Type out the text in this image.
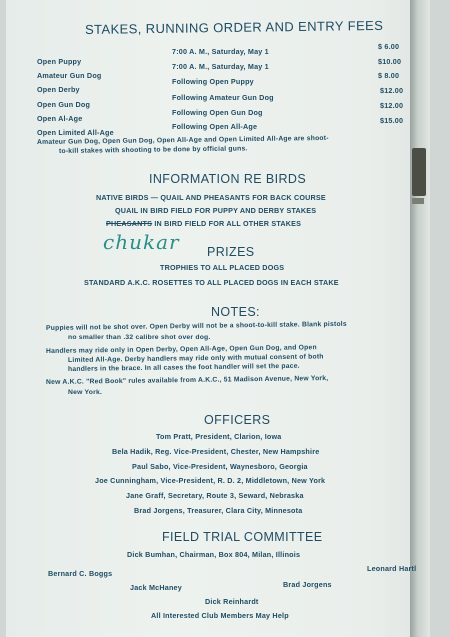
STAKES, RUNNING ORDER AND ENTRY FEES
Open Puppy
7:00 A. M., Saturday, May 1
$ 6.00
Amateur Gun Dog
7:00 A. M., Saturday, May 1
$10.00
Open Derby
Following Open Puppy
$ 8.00
Open Gun Dog
Following Amateur Gun Dog
$12.00
Open Al-Age
Following Open Gun Dog
$12.00
Open Limited All-Age
Following Open All-Age
$15.00
Amateur Gun Dog, Open Gun Dog, Open All-Age and Open Limited All-Age are shoot-
to-kill stakes with shooting to be done by official guns.
INFORMATION RE BIRDS
NATIVE BIRDS — QUAIL AND PHEASANTS FOR BACK COURSE
QUAIL IN BIRD FIELD FOR PUPPY AND DERBY STAKES
PHEASANTS IN BIRD FIELD FOR ALL OTHER STAKES
chukar PRIZES
TROPHIES TO ALL PLACED DOGS
STANDARD A.K.C. ROSETTES TO ALL PLACED DOGS IN EACH STAKE
NOTES:
Puppies will not be shot over. Open Derby will not be a shoot-to-kill stake. Blank pistols
no smaller than .32 calibre shot over dog.
Handlers may ride only in Open Derby, Open All-Age, Open Gun Dog, and Open
Limited All-Age. Derby handlers may ride only with mutual consent of both
handlers in the brace. In all cases the foot handler will set the pace.
New A.K.C. "Red Book" rules available from A.K.C., 51 Madison Avenue, New York,
New York.
OFFICERS
Tom Pratt, President, Clarion, Iowa
Bela Hadik, Reg. Vice-President, Chester, New Hampshire
Paul Sabo, Vice-President, Waynesboro, Georgia
Joe Cunningham, Vice-President, R. D. 2, Middletown, New York
Jane Graff, Secretary, Route 3, Seward, Nebraska
Brad Jorgens, Treasurer, Clara City, Minnesota
FIELD TRIAL COMMITTEE
Dick Bumhan, Chairman, Box 804, Milan, Illinois
Bernard C. Boggs
Leonard Hartl
Jack McHaney	Brad Jorgens
Dick Reinhardt
All Interested Club Members May Help
